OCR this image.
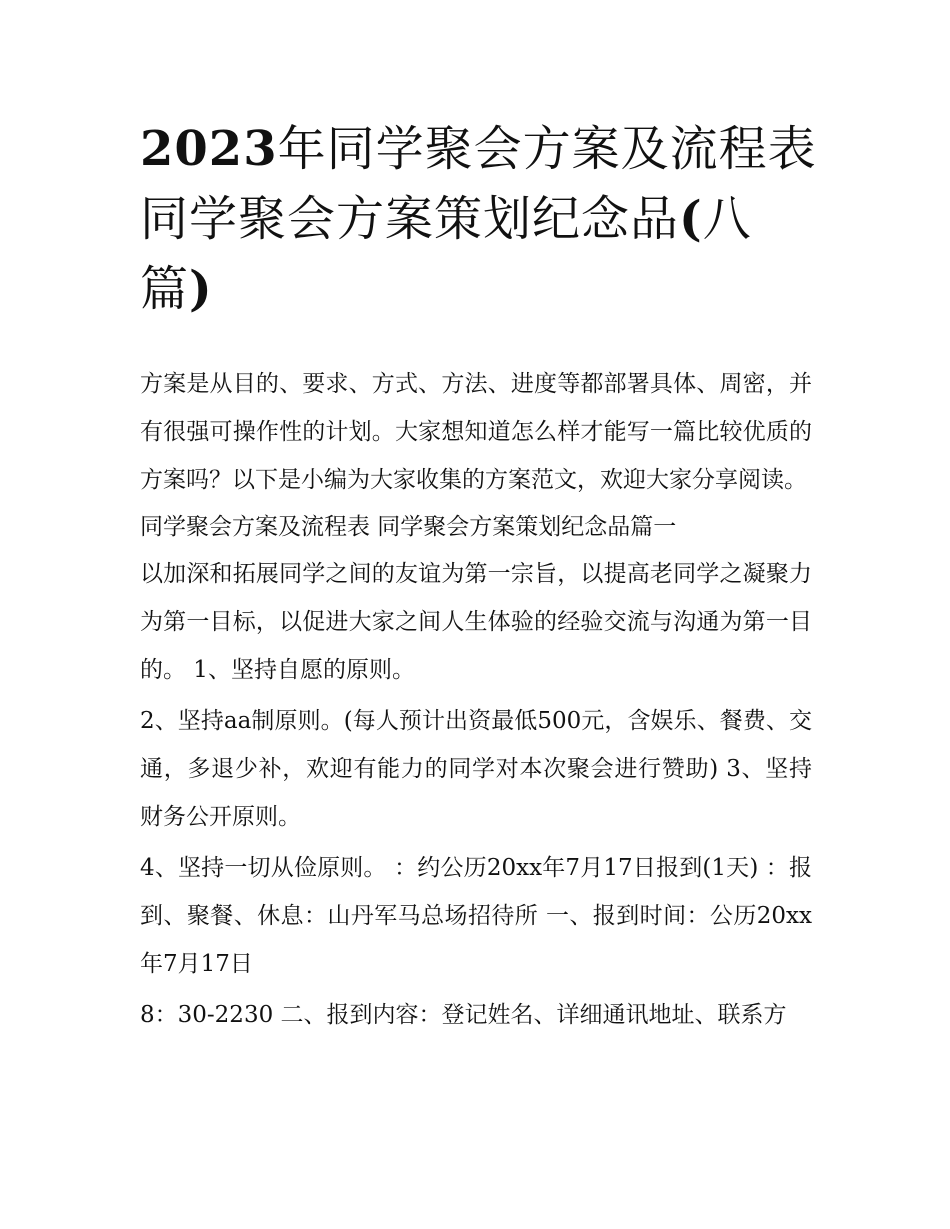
2023年同学聚会方案及流程表 同学聚会方案策划纪念品(八篇)

方案是从目的、要求、方式、方法、进度等都部署具体、周密，并有很强可操作性的计划。大家想知道怎么样才能写一篇比较优质的方案吗？以下是小编为大家收集的方案范文，欢迎大家分享阅读。

同学聚会方案及流程表 同学聚会方案策划纪念品篇一

以加深和拓展同学之间的友谊为第一宗旨，以提高老同学之凝聚力为第一目标，以促进大家之间人生体验的经验交流与沟通为第一目的。 1、坚持自愿的原则。

2、坚持aa制原则。(每人预计出资最低500元，含娱乐、餐费、交通，多退少补，欢迎有能力的同学对本次聚会进行赞助) 3、坚持财务公开原则。

4、坚持一切从俭原则。 ：约公历20xx年7月17日报到(1天) ：报到、聚餐、休息：山丹军马总场招待所 一、报到时间：公历20xx年7月17日

8：30-2230 二、报到内容：登记姓名、详细通讯地址、联系方
